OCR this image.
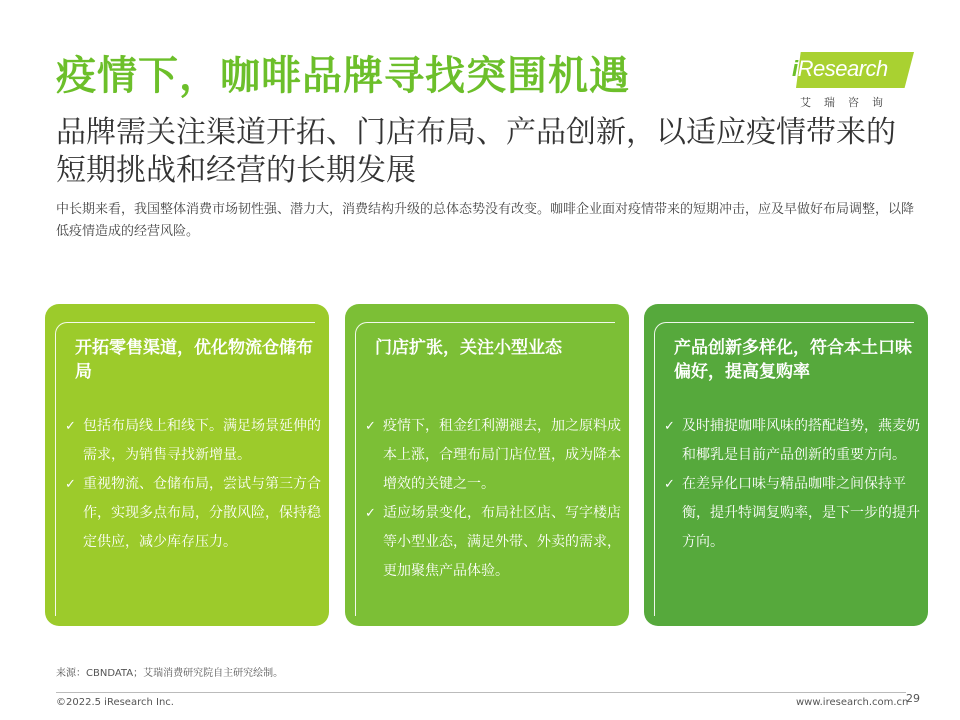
疫情下，咖啡品牌寻找突围机遇	iResearch
艾瑞咨询
品牌需关注渠道开拓、门店布局、产品创新，以适应疫情带来的短期挑战和经营的长期发展
中长期来看，我国整体消费市场韧性强、潜力大，消费结构升级的总体态势没有改变。咖啡企业面对疫情带来的短期冲击，应及早做好布局调整，以降低疫情造成的经营风险。
开拓零售渠道，优化物流仓储布局
✓ 包括布局线上和线下。满足场景延伸的需求，为销售寻找新增量。
✓ 重视物流、仓储布局，尝试与第三方合作，实现多点布局，分散风险，保持稳定供应，减少库存压力。
门店扩张，关注小型业态
✓ 疫情下，租金红利潮褪去，加之原料成本上涨，合理布局门店位置，成为降本增效的关键之一。
✓ 适应场景变化，布局社区店、写字楼店等小型业态，满足外带、外卖的需求，更加聚焦产品体验。
产品创新多样化，符合本土口味偏好，提高复购率
✓ 及时捕捉咖啡风味的搭配趋势，燕麦奶和椰乳是目前产品创新的重要方向。
✓ 在差异化口味与精品咖啡之间保持平衡，提升特调复购率，是下一步的提升方向。
来源：CBNDATA；艾瑞消费研究院自主研究绘制。
©2022.5 iResearch Inc.	www.iresearch.com.cn
29
